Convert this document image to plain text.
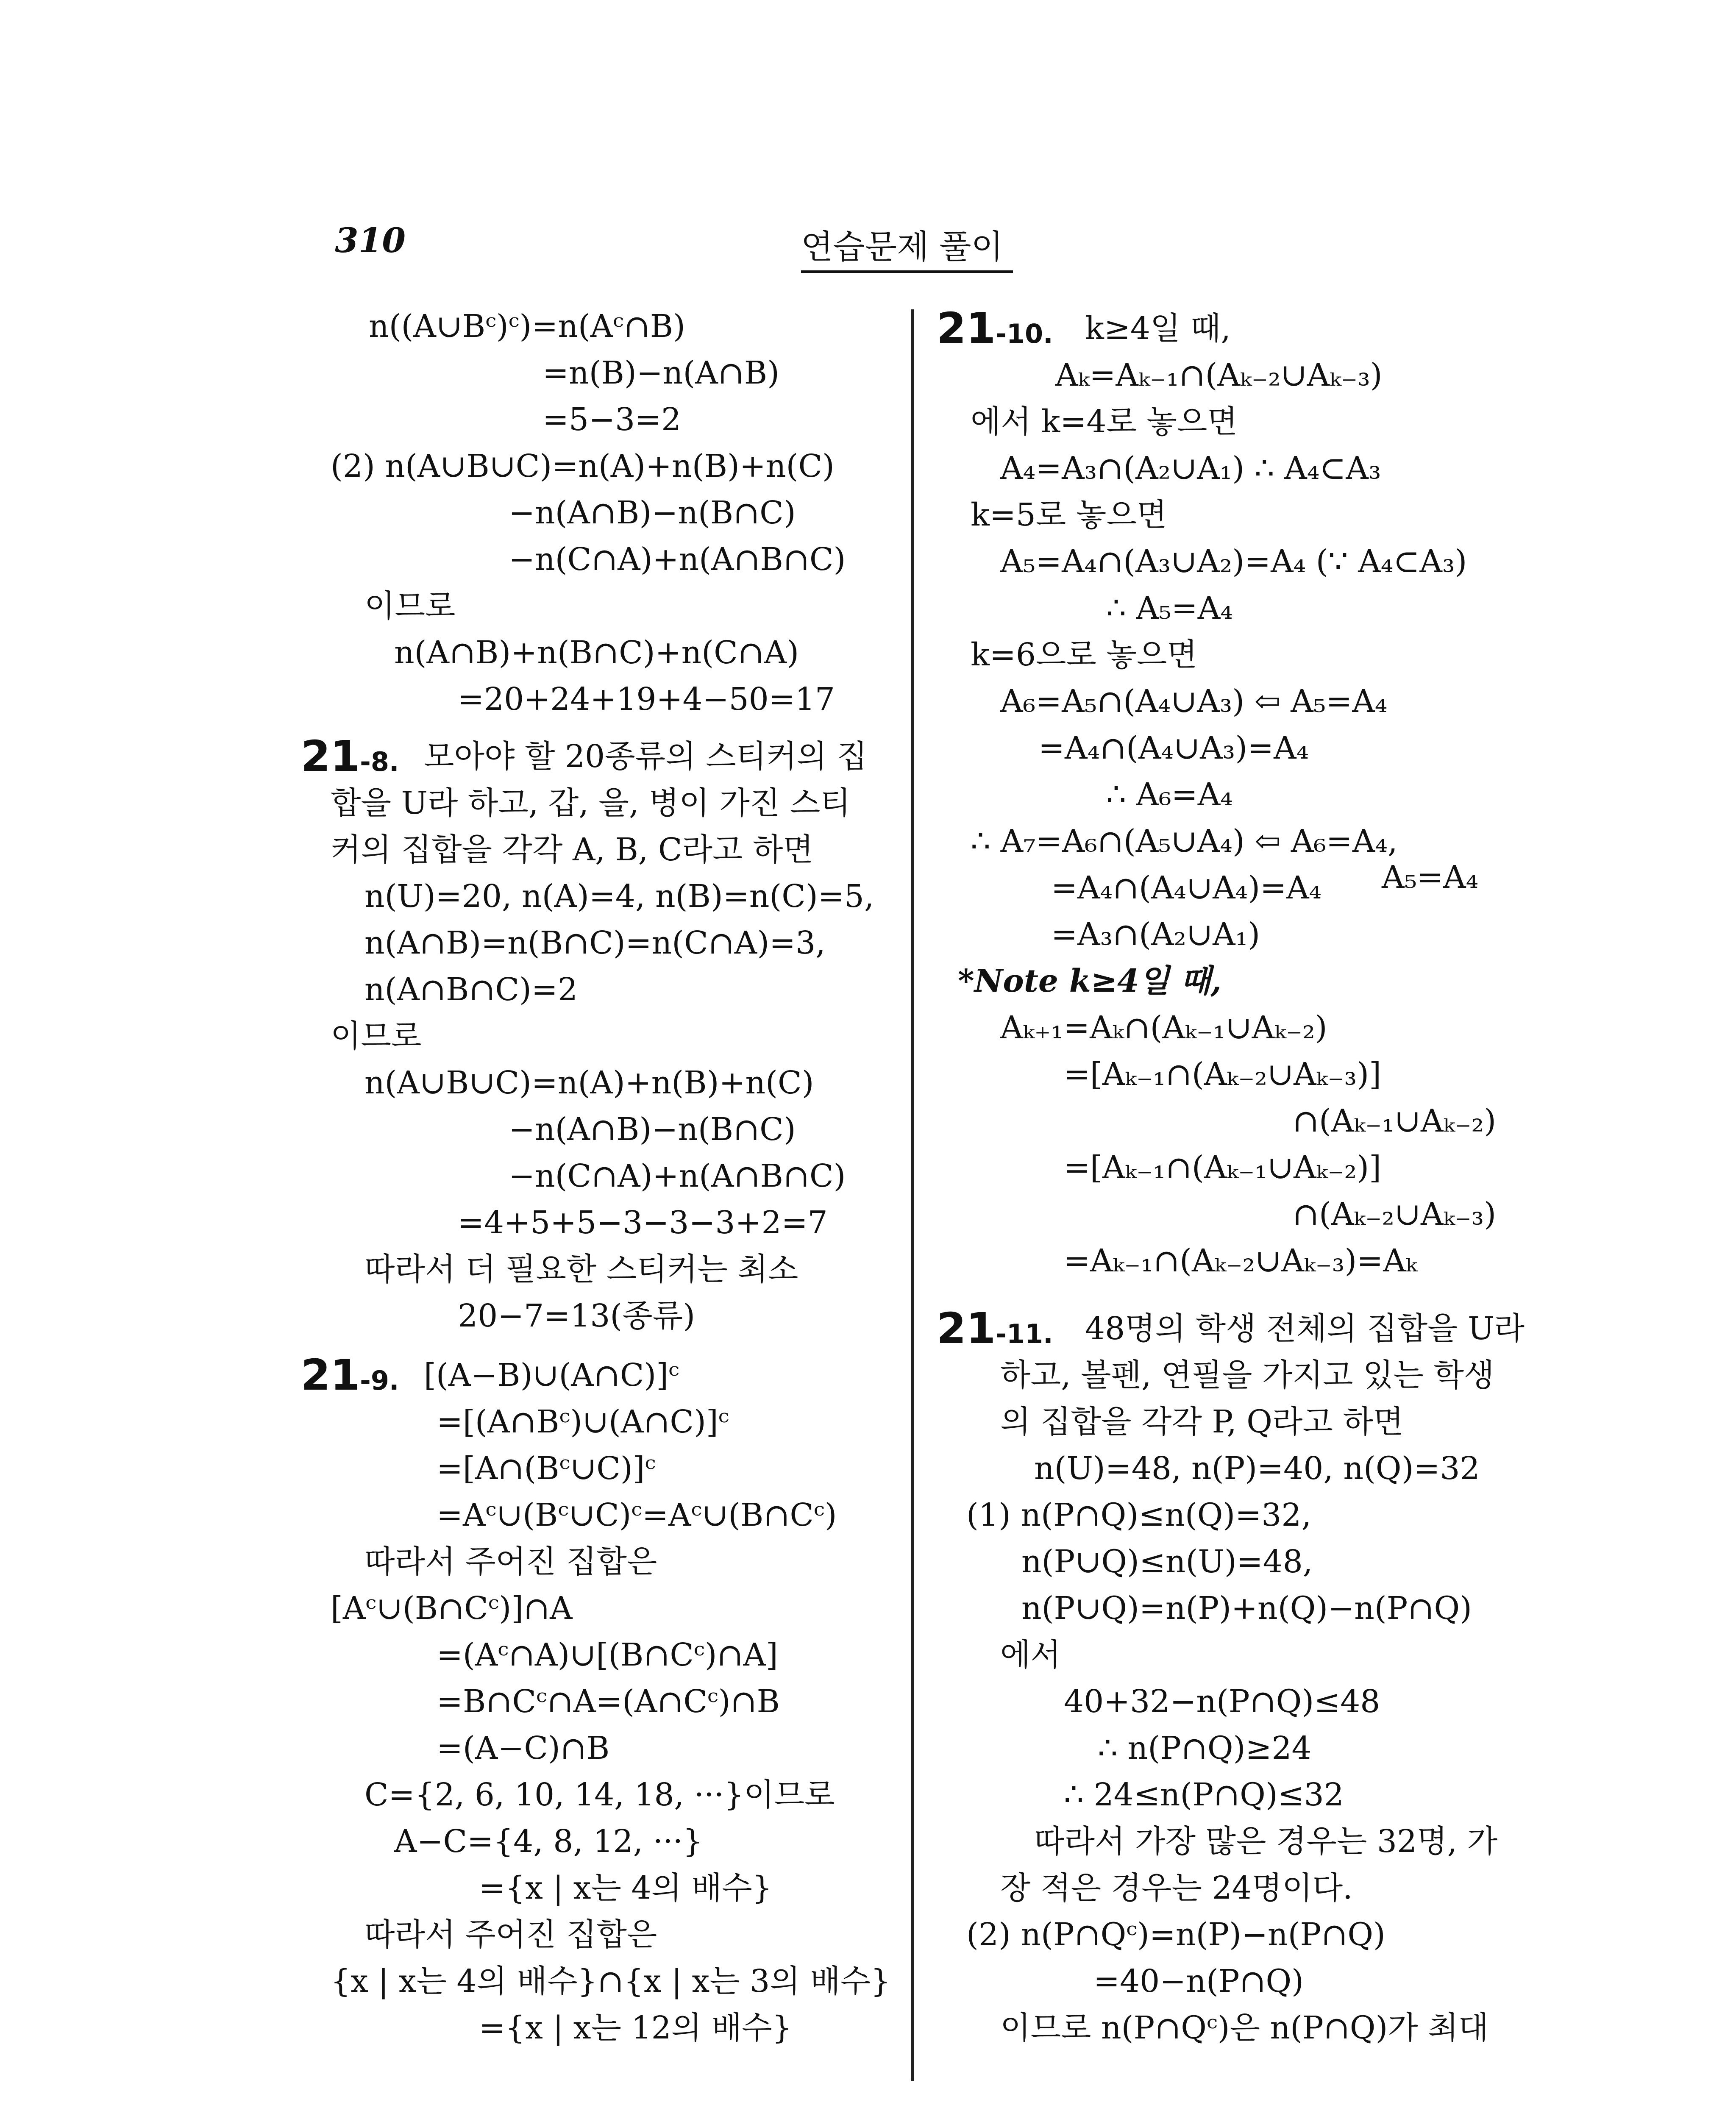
310	연습문제 풀이
n((A∪Bᶜ)ᶜ)=n(Aᶜ∩B)
=n(B)−n(A∩B)
=5−3=2
(2) n(A∪B∪C)=n(A)+n(B)+n(C)
−n(A∩B)−n(B∩C)
−n(C∩A)+n(A∩B∩C)
이므로
n(A∩B)+n(B∩C)+n(C∩A)
=20+24+19+4−50=17
21-8. 모아야 할 20종류의 스티커의 집
합을 U라 하고, 갑, 을, 병이 가진 스티
커의 집합을 각각 A, B, C라고 하면
n(U)=20, n(A)=4, n(B)=n(C)=5,
n(A∩B)=n(B∩C)=n(C∩A)=3,
n(A∩B∩C)=2
이므로
n(A∪B∪C)=n(A)+n(B)+n(C)
−n(A∩B)−n(B∩C)
−n(C∩A)+n(A∩B∩C)
=4+5+5−3−3−3+2=7
따라서 더 필요한 스티커는 최소
20−7=13(종류)
21-9. [(A−B)∪(A∩C)]ᶜ
=[(A∩Bᶜ)∪(A∩C)]ᶜ
=[A∩(Bᶜ∪C)]ᶜ
=Aᶜ∪(Bᶜ∪C)ᶜ=Aᶜ∪(B∩Cᶜ)
따라서 주어진 집합은
[Aᶜ∪(B∩Cᶜ)]∩A
=(Aᶜ∩A)∪[(B∩Cᶜ)∩A]
=B∩Cᶜ∩A=(A∩Cᶜ)∩B
=(A−C)∩B
C={2, 6, 10, 14, 18, ···}이므로
A−C={4, 8, 12, ···}
={x | x는 4의 배수}
따라서 주어진 집합은
{x | x는 4의 배수}∩{x | x는 3의 배수}
={x | x는 12의 배수}
21-10. k≥4일 때,
Aₖ=Aₖ₋₁∩(Aₖ₋₂∪Aₖ₋₃)
에서 k=4로 놓으면
A₄=A₃∩(A₂∪A₁) ∴ A₄⊂A₃
k=5로 놓으면
A₅=A₄∩(A₃∪A₂)=A₄ (∵ A₄⊂A₃)
∴ A₅=A₄
k=6으로 놓으면
A₆=A₅∩(A₄∪A₃) ⇦ A₅=A₄
=A₄∩(A₄∪A₃)=A₄
∴ A₆=A₄
∴ A₇=A₆∩(A₅∪A₄) ⇦ A₆=A₄,
=A₄∩(A₄∪A₄)=A₄ A₅=A₄
=A₃∩(A₂∪A₁)
*Note k≥4일 때,
Aₖ₊₁=Aₖ∩(Aₖ₋₁∪Aₖ₋₂)
=[Aₖ₋₁∩(Aₖ₋₂∪Aₖ₋₃)]
∩(Aₖ₋₁∪Aₖ₋₂)
=[Aₖ₋₁∩(Aₖ₋₁∪Aₖ₋₂)]
∩(Aₖ₋₂∪Aₖ₋₃)
=Aₖ₋₁∩(Aₖ₋₂∪Aₖ₋₃)=Aₖ
21-11. 48명의 학생 전체의 집합을 U라
하고, 볼펜, 연필을 가지고 있는 학생
의 집합을 각각 P, Q라고 하면
n(U)=48, n(P)=40, n(Q)=32
(1) n(P∩Q)≤n(Q)=32,
n(P∪Q)≤n(U)=48,
n(P∪Q)=n(P)+n(Q)−n(P∩Q)
에서
40+32−n(P∩Q)≤48
∴ n(P∩Q)≥24
∴ 24≤n(P∩Q)≤32
따라서 가장 많은 경우는 32명, 가
장 적은 경우는 24명이다.
(2) n(P∩Qᶜ)=n(P)−n(P∩Q)
=40−n(P∩Q)
이므로 n(P∩Qᶜ)은 n(P∩Q)가 최대
